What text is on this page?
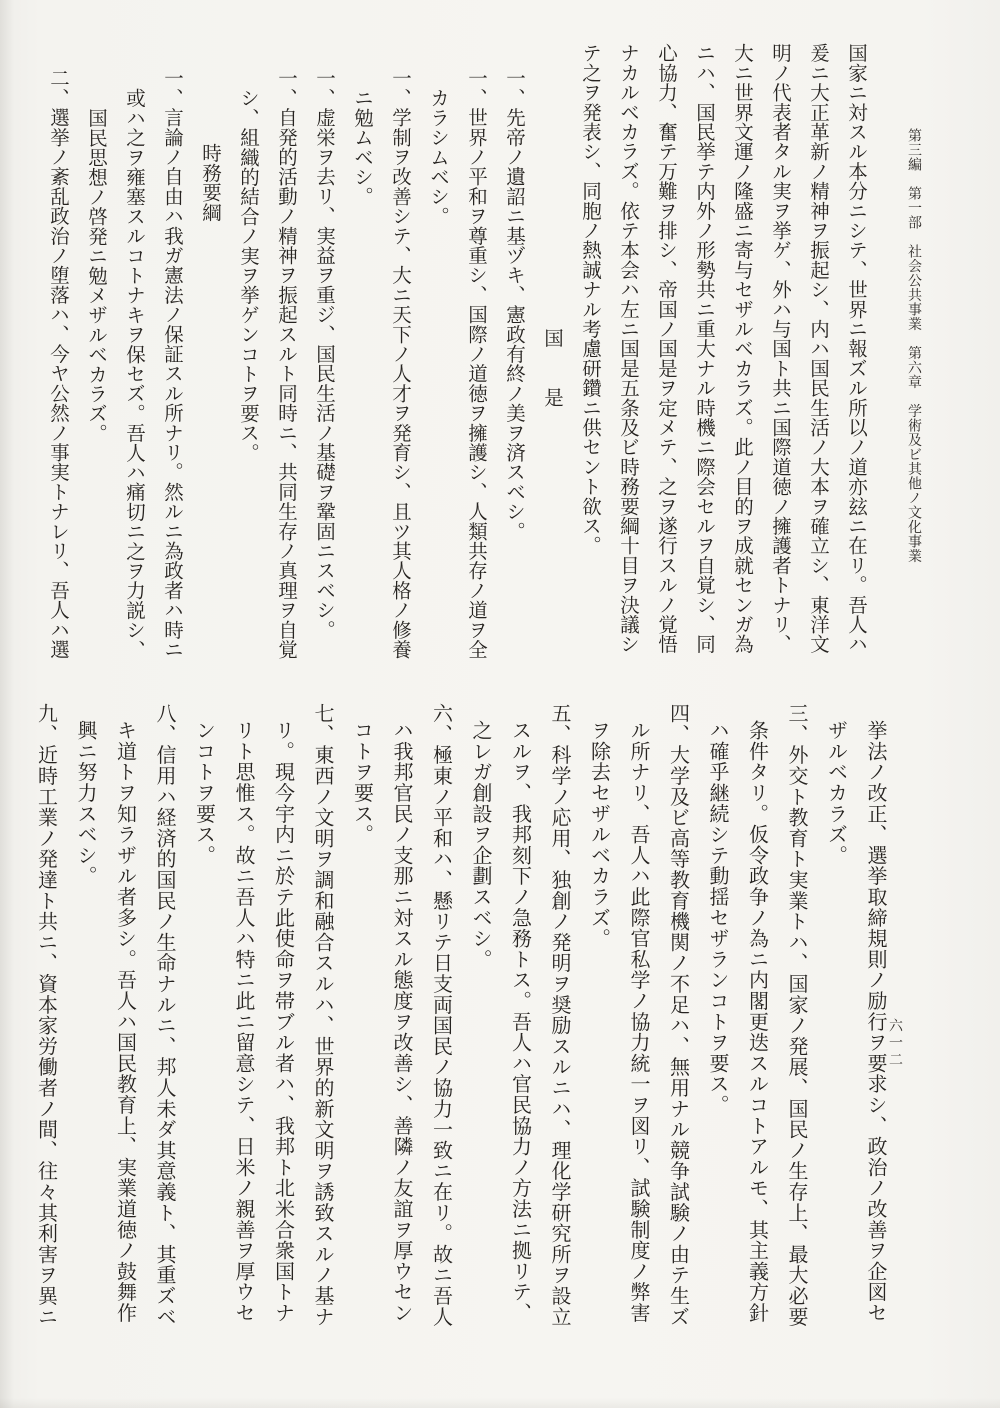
第三編　第一部　社会公共事業　第六章　学術及ビ其他ノ文化事業

国家ニ対スル本分ニシテ、世界ニ報ズル所以ノ道亦玆ニ在リ。吾人ハ

爰ニ大正革新ノ精神ヲ振起シ、内ハ国民生活ノ大本ヲ確立シ、東洋文

明ノ代表者タル実ヲ挙ゲ、外ハ与国ト共ニ国際道徳ノ擁護者トナリ、

大ニ世界文運ノ隆盛ニ寄与セザルベカラズ。此ノ目的ヲ成就センガ為

ニハ、国民挙テ内外ノ形勢共ニ重大ナル時機ニ際会セルヲ自覚シ、同

心協力、奮テ万難ヲ排シ、帝国ノ国是ヲ定メテ、之ヲ遂行スルノ覚悟

ナカルベカラズ。依テ本会ハ左ニ国是五条及ビ時務要綱十目ヲ決議シ

テ之ヲ発表シ、同胞ノ熱誠ナル考慮研鑽ニ供セント欲ス。

国　　是

一、先帝ノ遺詔ニ基ヅキ、憲政有終ノ美ヲ済スベシ。

一、世界ノ平和ヲ尊重シ、国際ノ道徳ヲ擁護シ、人類共存ノ道ヲ全

カラシムベシ。

一、学制ヲ改善シテ、大ニ天下ノ人才ヲ発育シ、且ツ其人格ノ修養

ニ勉ムベシ。

一、虚栄ヲ去リ、実益ヲ重ジ、国民生活ノ基礎ヲ鞏固ニスベシ。

一、自発的活動ノ精神ヲ振起スルト同時ニ、共同生存ノ真理ヲ自覚

シ、組織的結合ノ実ヲ挙ゲンコトヲ要ス。

時務要綱

一、言論ノ自由ハ我ガ憲法ノ保証スル所ナリ。然ルニ為政者ハ時ニ

或ハ之ヲ雍塞スルコトナキヲ保セズ。吾人ハ痛切ニ之ヲ力説シ、

国民思想ノ啓発ニ勉メザルベカラズ。

二、選挙ノ紊乱政治ノ堕落ハ、今ヤ公然ノ事実トナレリ、吾人ハ選

挙法ノ改正、選挙取締規則ノ励行ヲ要求シ、政治ノ改善ヲ企図セ

ザルベカラズ。

三、外交ト教育ト実業トハ、国家ノ発展、国民ノ生存上、最大必要

条件タリ。仮令政争ノ為ニ内閣更迭スルコトアルモ、其主義方針

ハ確乎継続シテ動揺セザランコトヲ要ス。

四、大学及ビ高等教育機関ノ不足ハ、無用ナル競争試験ノ由テ生ズ

ル所ナリ、吾人ハ此際官私学ノ協力統一ヲ図リ、試験制度ノ弊害

ヲ除去セザルベカラズ。

五、科学ノ応用、独創ノ発明ヲ奨励スルニハ、理化学研究所ヲ設立

スルヲ、我邦刻下ノ急務トス。吾人ハ官民協力ノ方法ニ拠リテ、

之レガ創設ヲ企劃スベシ。

六、極東ノ平和ハ、懸リテ日支両国民ノ協力一致ニ在リ。故ニ吾人

ハ我邦官民ノ支那ニ対スル態度ヲ改善シ、善隣ノ友誼ヲ厚ウセン

コトヲ要ス。

七、東西ノ文明ヲ調和融合スルハ、世界的新文明ヲ誘致スルノ基ナ

リ。現今宇内ニ於テ此使命ヲ帯ブル者ハ、我邦ト北米合衆国トナ

リト思惟ス。故ニ吾人ハ特ニ此ニ留意シテ、日米ノ親善ヲ厚ウセ

ンコトヲ要ス。

八、信用ハ経済的国民ノ生命ナルニ、邦人未ダ其意義ト、其重ズベ

キ道トヲ知ラザル者多シ。吾人ハ国民教育上、実業道徳ノ鼓舞作

興ニ努力スベシ。

九、近時工業ノ発達ト共ニ、資本家労働者ノ間、往々其利害ヲ異ニ	六一二
